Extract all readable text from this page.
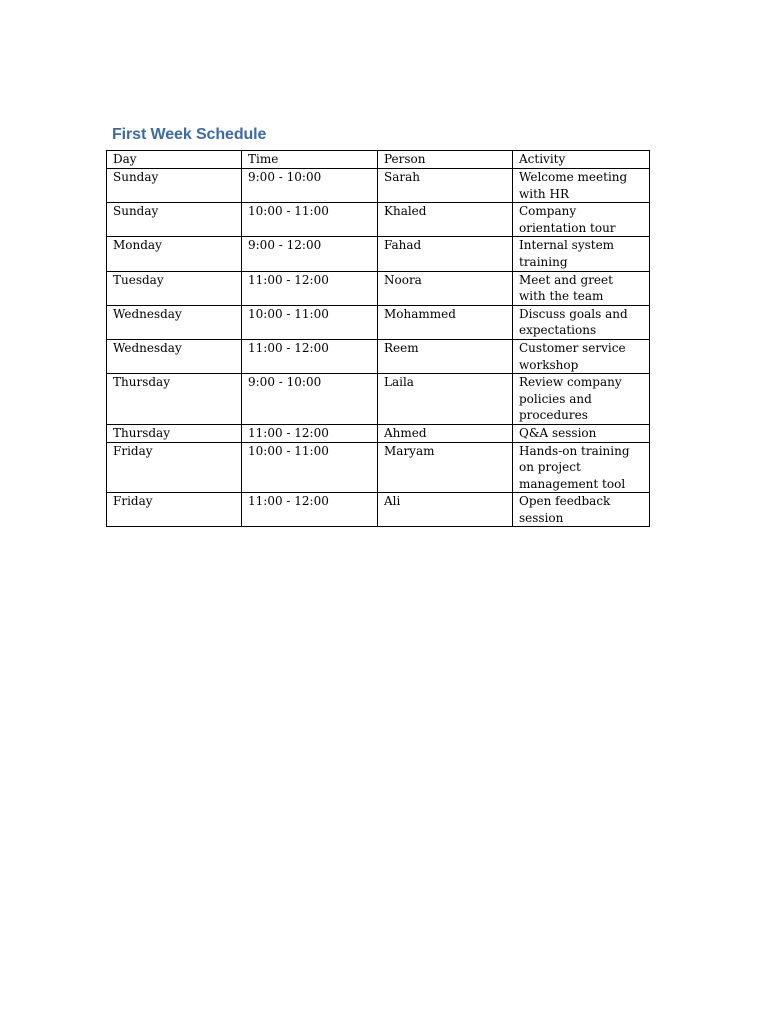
First Week Schedule
Day	Time	Person	Activity
Sunday	9:00 - 10:00	Sarah	Welcome meeting with HR
Sunday	10:00 - 11:00	Khaled	Company orientation tour
Monday	9:00 - 12:00	Fahad	Internal system training
Tuesday	11:00 - 12:00	Noora	Meet and greet with the team
Wednesday	10:00 - 11:00	Mohammed	Discuss goals and expectations
Wednesday	11:00 - 12:00	Reem	Customer service workshop
Thursday	9:00 - 10:00	Laila	Review company policies and procedures
Thursday	11:00 - 12:00	Ahmed	Q&A session
Friday	10:00 - 11:00	Maryam	Hands-on training on project management tool
Friday	11:00 - 12:00	Ali	Open feedback session
